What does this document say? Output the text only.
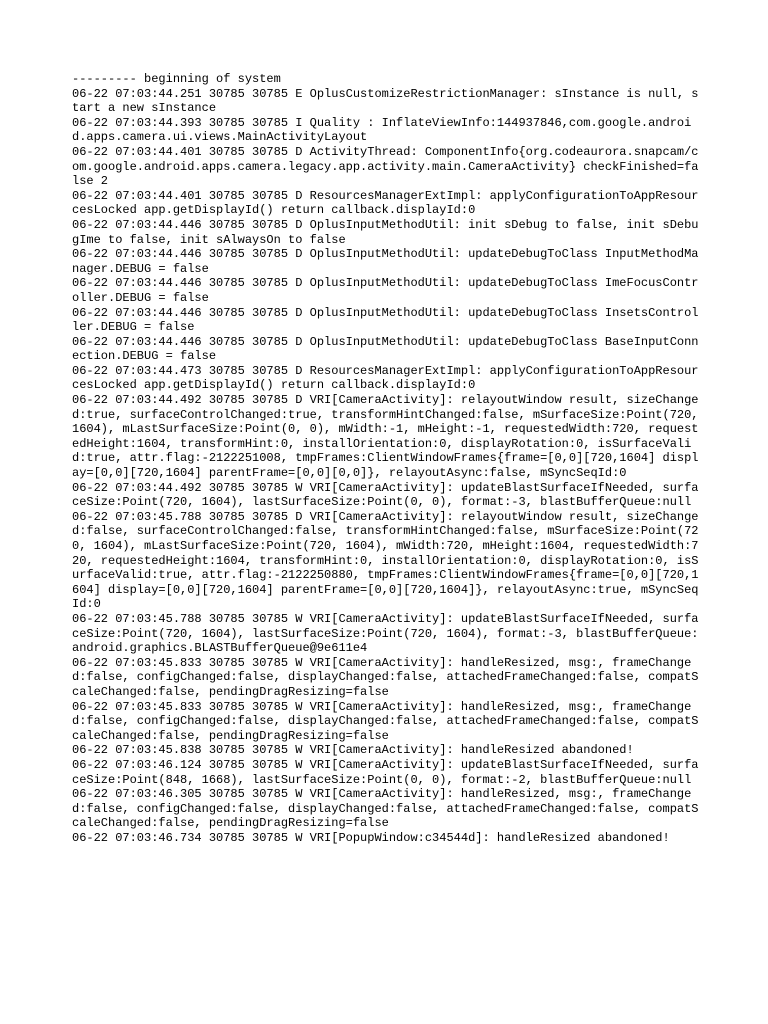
--------- beginning of system

06-22 07:03:44.251 30785 30785 E OplusCustomizeRestrictionManager: sInstance is null, start a new sInstance

06-22 07:03:44.393 30785 30785 I Quality : InflateViewInfo:144937846,com.google.android.apps.camera.ui.views.MainActivityLayout

06-22 07:03:44.401 30785 30785 D ActivityThread: ComponentInfo{org.codeaurora.snapcam/com.google.android.apps.camera.legacy.app.activity.main.CameraActivity} checkFinished=false 2

06-22 07:03:44.401 30785 30785 D ResourcesManagerExtImpl: applyConfigurationToAppResourcesLocked app.getDisplayId() return callback.displayId:0

06-22 07:03:44.446 30785 30785 D OplusInputMethodUtil: init sDebug to false, init sDebugIme to false, init sAlwaysOn to false

06-22 07:03:44.446 30785 30785 D OplusInputMethodUtil: updateDebugToClass InputMethodManager.DEBUG = false

06-22 07:03:44.446 30785 30785 D OplusInputMethodUtil: updateDebugToClass ImeFocusController.DEBUG = false

06-22 07:03:44.446 30785 30785 D OplusInputMethodUtil: updateDebugToClass InsetsController.DEBUG = false

06-22 07:03:44.446 30785 30785 D OplusInputMethodUtil: updateDebugToClass BaseInputConnection.DEBUG = false

06-22 07:03:44.473 30785 30785 D ResourcesManagerExtImpl: applyConfigurationToAppResourcesLocked app.getDisplayId() return callback.displayId:0

06-22 07:03:44.492 30785 30785 D VRI[CameraActivity]: relayoutWindow result, sizeChanged:true, surfaceControlChanged:true, transformHintChanged:false, mSurfaceSize:Point(720, 1604), mLastSurfaceSize:Point(0, 0), mWidth:-1, mHeight:-1, requestedWidth:720, requestedHeight:1604, transformHint:0, installOrientation:0, displayRotation:0, isSurfaceValid:true, attr.flag:-2122251008, tmpFrames:ClientWindowFrames{frame=[0,0][720,1604] display=[0,0][720,1604] parentFrame=[0,0][0,0]}, relayoutAsync:false, mSyncSeqId:0

06-22 07:03:44.492 30785 30785 W VRI[CameraActivity]: updateBlastSurfaceIfNeeded, surfaceSize:Point(720, 1604), lastSurfaceSize:Point(0, 0), format:-3, blastBufferQueue:null

06-22 07:03:45.788 30785 30785 D VRI[CameraActivity]: relayoutWindow result, sizeChanged:false, surfaceControlChanged:false, transformHintChanged:false, mSurfaceSize:Point(720, 1604), mLastSurfaceSize:Point(720, 1604), mWidth:720, mHeight:1604, requestedWidth:720, requestedHeight:1604, transformHint:0, installOrientation:0, displayRotation:0, isSurfaceValid:true, attr.flag:-2122250880, tmpFrames:ClientWindowFrames{frame=[0,0][720,1604] display=[0,0][720,1604] parentFrame=[0,0][720,1604]}, relayoutAsync:true, mSyncSeqId:0

06-22 07:03:45.788 30785 30785 W VRI[CameraActivity]: updateBlastSurfaceIfNeeded, surfaceSize:Point(720, 1604), lastSurfaceSize:Point(720, 1604), format:-3, blastBufferQueue:android.graphics.BLASTBufferQueue@9e611e4

06-22 07:03:45.833 30785 30785 W VRI[CameraActivity]: handleResized, msg:, frameChanged:false, configChanged:false, displayChanged:false, attachedFrameChanged:false, compatScaleChanged:false, pendingDragResizing=false

06-22 07:03:45.833 30785 30785 W VRI[CameraActivity]: handleResized, msg:, frameChanged:false, configChanged:false, displayChanged:false, attachedFrameChanged:false, compatScaleChanged:false, pendingDragResizing=false

06-22 07:03:45.838 30785 30785 W VRI[CameraActivity]: handleResized abandoned!

06-22 07:03:46.124 30785 30785 W VRI[CameraActivity]: updateBlastSurfaceIfNeeded, surfaceSize:Point(848, 1668), lastSurfaceSize:Point(0, 0), format:-2, blastBufferQueue:null

06-22 07:03:46.305 30785 30785 W VRI[CameraActivity]: handleResized, msg:, frameChanged:false, configChanged:false, displayChanged:false, attachedFrameChanged:false, compatScaleChanged:false, pendingDragResizing=false

06-22 07:03:46.734 30785 30785 W VRI[PopupWindow:c34544d]: handleResized abandoned!
